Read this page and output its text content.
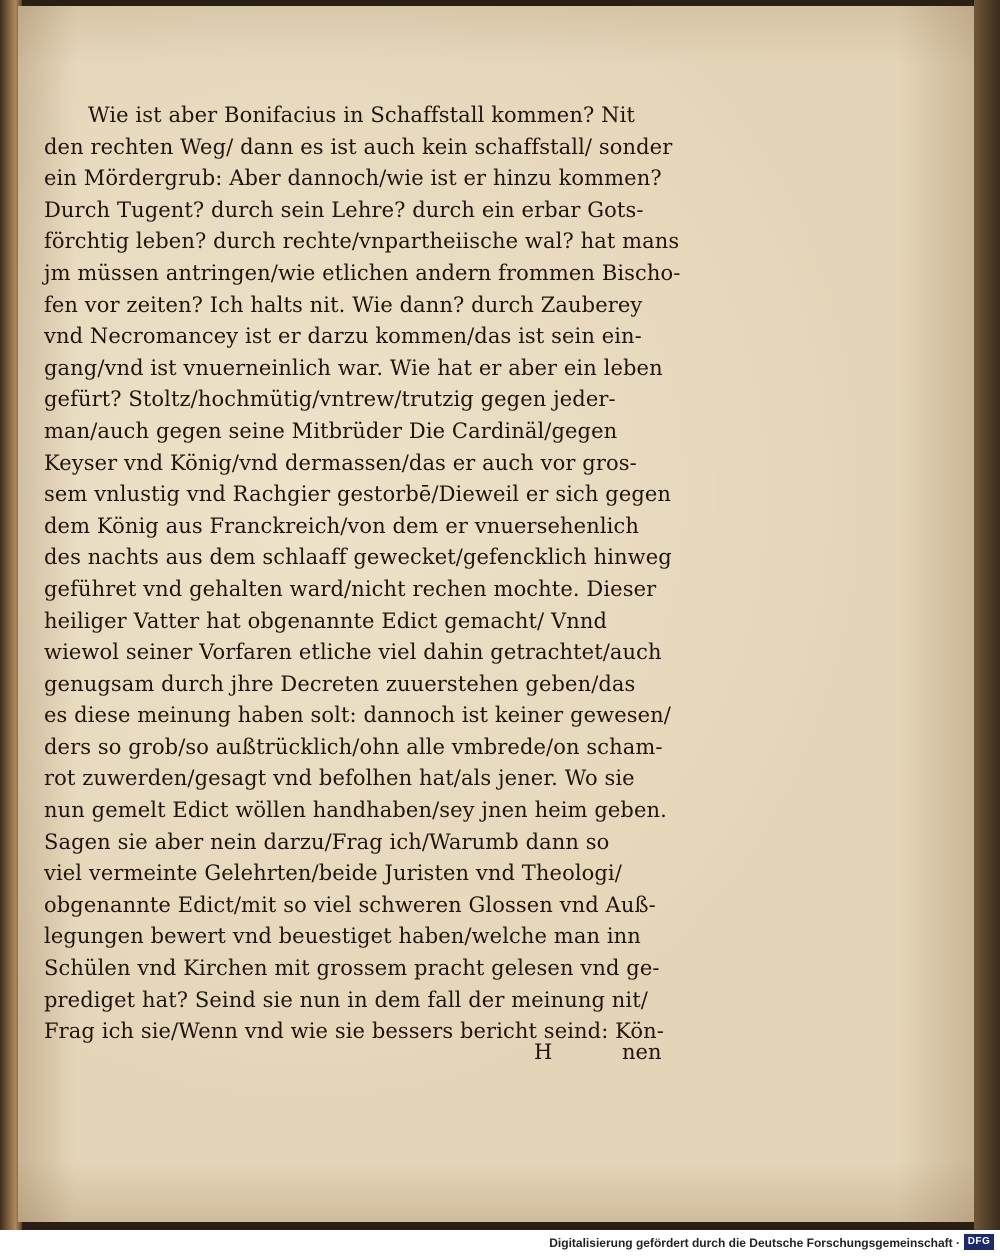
Wie ist aber Bonifacius in Schaffstall kommen? Nit
den rechten Weg/ dann es ist auch kein schaffstall/ sonder
ein Mördergrub: Aber dannoch/wie ist er hinzu kommen?
Durch Tugent? durch sein Lehre? durch ein erbar Gots-
förchtig leben? durch rechte/vnpartheiische wal? hat mans
jm müssen antringen/wie etlichen andern frommen Bischo-
fen vor zeiten? Ich halts nit. Wie dann? durch Zauberey
vnd Necromancey ist er darzu kommen/das ist sein ein-
gang/vnd ist vnuerneinlich war. Wie hat er aber ein leben
gefürt? Stoltz/hochmütig/vntrew/trutzig gegen jeder-
man/auch gegen seine Mitbrüder Die Cardinäl/gegen
Keyser vnd König/vnd dermassen/das er auch vor gros-
sem vnlustig vnd Rachgier gestorbē/Dieweil er sich gegen
dem König aus Franckreich/von dem er vnuersehenlich
des nachts aus dem schlaaff gewecket/gefencklich hinweg
geführet vnd gehalten ward/nicht rechen mochte. Dieser
heiliger Vatter hat obgenannte Edict gemacht/ Vnnd
wiewol seiner Vorfaren etliche viel dahin getrachtet/auch
genugsam durch jhre Decreten zuuerstehen geben/das
es diese meinung haben solt: dannoch ist keiner gewesen/
ders so grob/so außtrücklich/ohn alle vmbrede/on scham-
rot zuwerden/gesagt vnd befolhen hat/als jener. Wo sie
nun gemelt Edict wöllen handhaben/sey jnen heim geben.
Sagen sie aber nein darzu/Frag ich/Warumb dann so
viel vermeinte Gelehrten/beide Juristen vnd Theologi/
obgenannte Edict/mit so viel schweren Glossen vnd Auß-
legungen bewert vnd beuestiget haben/welche man inn
Schülen vnd Kirchen mit grossem pracht gelesen vnd ge-
prediget hat? Seind sie nun in dem fall der meinung nit/
Frag ich sie/Wenn vnd wie sie bessers bericht seind: Kön-
H	nen
Digitalisierung gefördert durch die Deutsche Forschungsgemeinschaft · DFG
